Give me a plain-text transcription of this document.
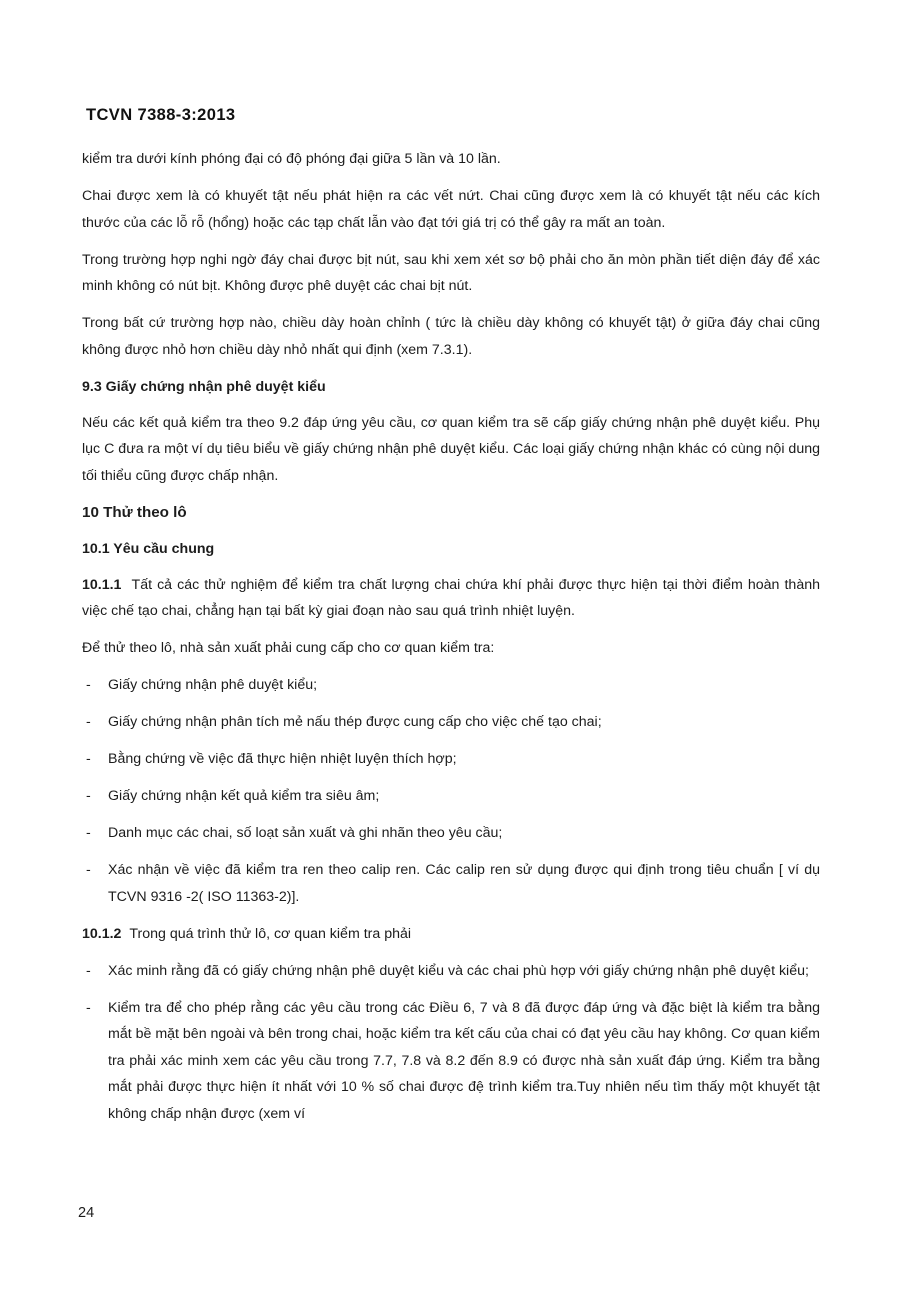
TCVN 7388-3:2013

kiểm tra dưới kính phóng đại có độ phóng đại giữa 5 lần và 10 lần.

Chai được xem là có khuyết tật nếu phát hiện ra các vết nứt. Chai cũng được xem là có khuyết tật nếu các kích thước của các lỗ rỗ (hổng) hoặc các tạp chất lẫn vào đạt tới giá trị có thể gây ra mất an toàn.

Trong trường hợp nghi ngờ đáy chai được bịt nút, sau khi xem xét sơ bộ phải cho ăn mòn phần tiết diện đáy để xác minh không có nút bịt. Không được phê duyệt các chai bịt nút.

Trong bất cứ trường hợp nào, chiều dày hoàn chỉnh ( tức là chiều dày không có khuyết tật) ở giữa đáy chai cũng không được nhỏ hơn chiều dày nhỏ nhất qui định (xem 7.3.1).

9.3 Giấy chứng nhận phê duyệt kiểu

Nếu các kết quả kiểm tra theo 9.2 đáp ứng yêu cầu, cơ quan kiểm tra sẽ cấp giấy chứng nhận phê duyệt kiểu. Phụ lục C đưa ra một ví dụ tiêu biểu về giấy chứng nhận phê duyệt kiểu. Các loại giấy chứng nhận khác có cùng nội dung tối thiểu cũng được chấp nhận.

10 Thử theo lô
10.1 Yêu cầu chung

10.1.1 Tất cả các thử nghiệm để kiểm tra chất lượng chai chứa khí phải được thực hiện tại thời điểm hoàn thành việc chế tạo chai, chẳng hạn tại bất kỳ giai đoạn nào sau quá trình nhiệt luyện.

Để thử theo lô, nhà sản xuất phải cung cấp cho cơ quan kiểm tra:

- Giấy chứng nhận phê duyệt kiểu;
- Giấy chứng nhận phân tích mẻ nấu thép được cung cấp cho việc chế tạo chai;
- Bằng chứng về việc đã thực hiện nhiệt luyện thích hợp;
- Giấy chứng nhận kết quả kiểm tra siêu âm;
- Danh mục các chai, số loạt sản xuất và ghi nhãn theo yêu cầu;
- Xác nhận về việc đã kiểm tra ren theo calip ren. Các calip ren sử dụng được qui định trong tiêu chuẩn [ ví dụ TCVN 9316 -2( ISO 11363-2)].

10.1.2 Trong quá trình thử lô, cơ quan kiểm tra phải

- Xác minh rằng đã có giấy chứng nhận phê duyệt kiểu và các chai phù hợp với giấy chứng nhận phê duyệt kiểu;
- Kiểm tra để cho phép rằng các yêu cầu trong các Điều 6, 7 và 8 đã được đáp ứng và đặc biệt là kiểm tra bằng mắt bề mặt bên ngoài và bên trong chai, hoặc kiểm tra kết cấu của chai có đạt yêu cầu hay không. Cơ quan kiểm tra phải xác minh xem các yêu cầu trong 7.7, 7.8 và 8.2 đến 8.9 có được nhà sản xuất đáp ứng. Kiểm tra bằng mắt phải được thực hiện ít nhất với 10 % số chai được đệ trình kiểm tra.Tuy nhiên nếu tìm thấy một khuyết tật không chấp nhận được (xem ví
24
